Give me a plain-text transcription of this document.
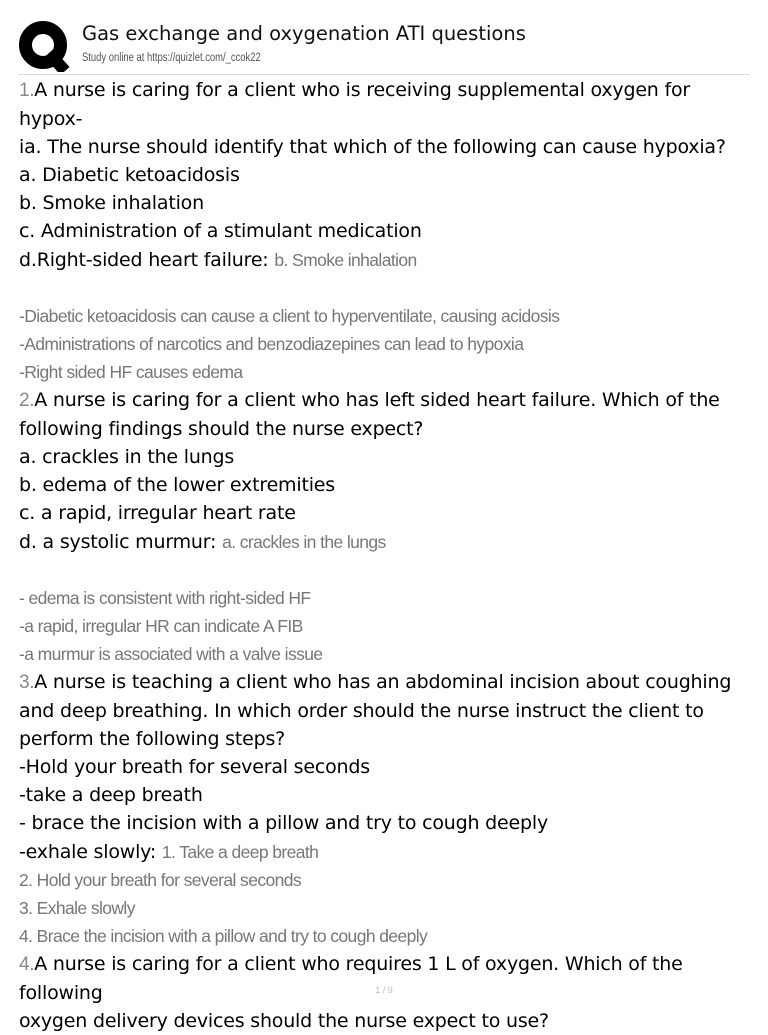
Gas exchange and oxygenation ATI questions
Study online at https://quizlet.com/_ccok22
1.A nurse is caring for a client who is receiving supplemental oxygen for hypox-
ia. The nurse should identify that which of the following can cause hypoxia?
a. Diabetic ketoacidosis
b. Smoke inhalation
c. Administration of a stimulant medication
d.Right-sided heart failure: b. Smoke inhalation
-Diabetic ketoacidosis can cause a client to hyperventilate, causing acidosis
-Administrations of narcotics and benzodiazepines can lead to hypoxia
-Right sided HF causes edema
2.A nurse is caring for a client who has left sided heart failure. Which of the
following findings should the nurse expect?
a. crackles in the lungs
b. edema of the lower extremities
c. a rapid, irregular heart rate
d. a systolic murmur: a. crackles in the lungs
- edema is consistent with right-sided HF
-a rapid, irregular HR can indicate A FIB
-a murmur is associated with a valve issue
3.A nurse is teaching a client who has an abdominal incision about coughing
and deep breathing. In which order should the nurse instruct the client to
perform the following steps?
-Hold your breath for several seconds
-take a deep breath
- brace the incision with a pillow and try to cough deeply
-exhale slowly: 1. Take a deep breath
2. Hold your breath for several seconds
3. Exhale slowly
4. Brace the incision with a pillow and try to cough deeply
4.A nurse is caring for a client who requires 1 L of oxygen. Which of the following
oxygen delivery devices should the nurse expect to use?
1 / 9
